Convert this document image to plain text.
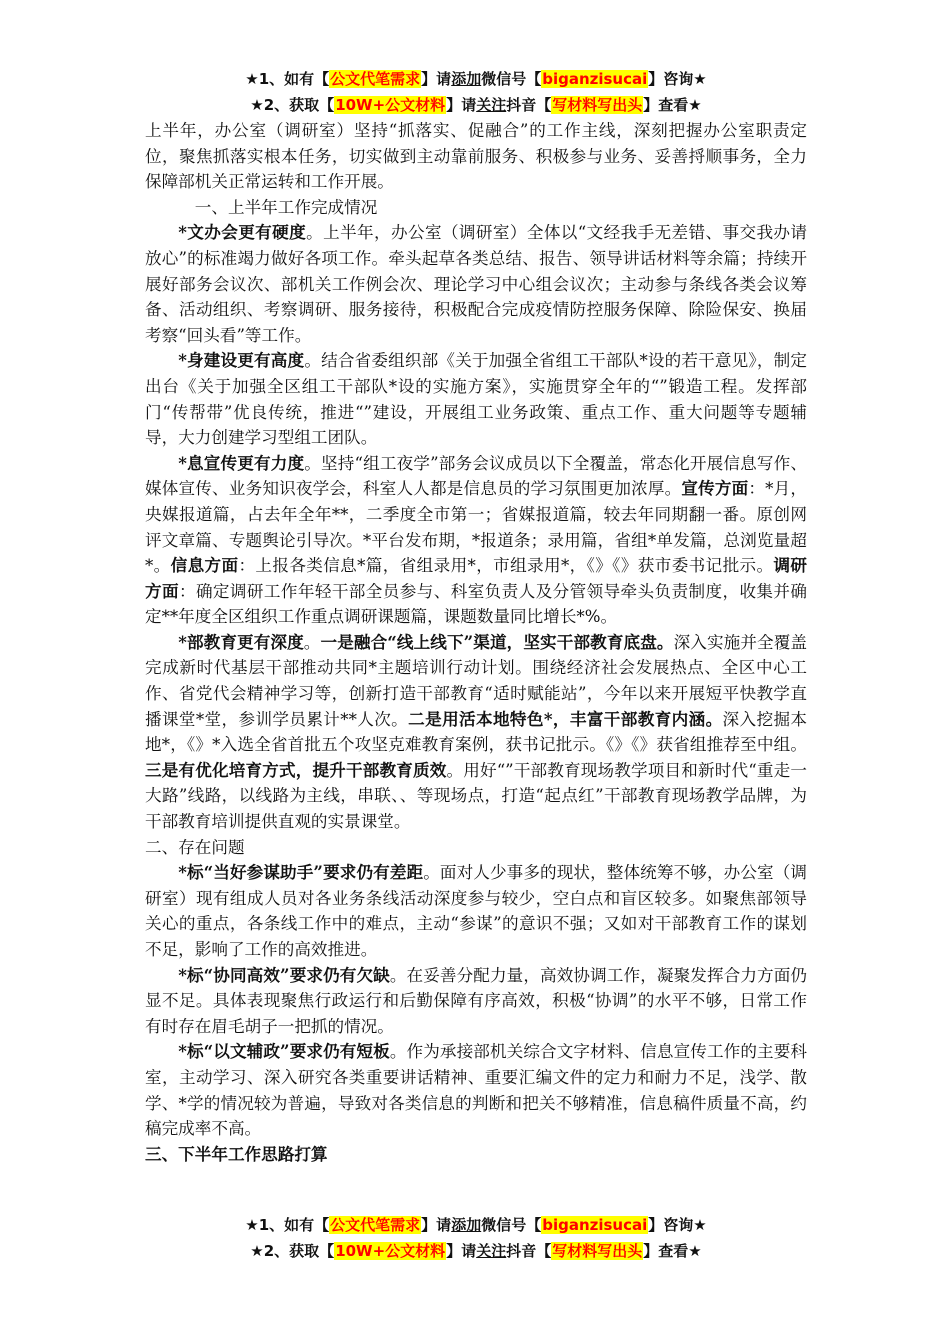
★1、如有【公文代笔需求】请添加微信号【biganzisucai】咨询★
★2、获取【10W+公文材料】请关注抖音【写材料写出头】查看★

上半年，办公室（调研室）坚持“抓落实、促融合”的工作主线，深刻把握办公室职责定位，聚焦抓落实根本任务，切实做到主动靠前服务、积极参与业务、妥善捋顺事务，全力保障部机关正常运转和工作开展。

一、上半年工作完成情况

*文办会更有硬度。上半年，办公室（调研室）全体以“文经我手无差错、事交我办请放心”的标准竭力做好各项工作。牵头起草各类总结、报告、领导讲话材料等余篇；持续开展好部务会议次、部机关工作例会次、理论学习中心组会议次；主动参与条线各类会议筹备、活动组织、考察调研、服务接待，积极配合完成疫情防控服务保障、除险保安、换届考察“回头看”等工作。

*身建设更有高度。结合省委组织部《关于加强全省组工干部队*设的若干意见》，制定出台《关于加强全区组工干部队*设的实施方案》，实施贯穿全年的“”锻造工程。发挥部门“传帮带”优良传统，推进“”建设，开展组工业务政策、重点工作、重大问题等专题辅导，大力创建学习型组工团队。

*息宣传更有力度。坚持“组工夜学”部务会议成员以下全覆盖，常态化开展信息写作、媒体宣传、业务知识夜学会，科室人人都是信息员的学习氛围更加浓厚。宣传方面：*月，央媒报道篇，占去年全年**，二季度全市第一；省媒报道篇，较去年同期翻一番。原创网评文章篇、专题舆论引导次。*平台发布期，*报道条；录用篇，省组*单发篇，总浏览量超*。信息方面：上报各类信息*篇，省组录用*，市组录用*，《》《》获市委书记批示。调研方面：确定调研工作年轻干部全员参与、科室负责人及分管领导牵头负责制度，收集并确定**年度全区组织工作重点调研课题篇，课题数量同比增长*%。

*部教育更有深度。一是融合“线上线下”渠道，坚实干部教育底盘。深入实施并全覆盖完成新时代基层干部推动共同*主题培训行动计划。围绕经济社会发展热点、全区中心工作、省党代会精神学习等，创新打造干部教育“适时赋能站”，今年以来开展短平快教学直播课堂*堂，参训学员累计**人次。二是用活本地特色*，丰富干部教育内涵。深入挖掘本地*，《》*入选全省首批五个攻坚克难教育案例，获书记批示。《》《》获省组推荐至中组。三是有优化培育方式，提升干部教育质效。用好“”干部教育现场教学项目和新时代“重走一大路”线路，以线路为主线，串联、、等现场点，打造“起点红”干部教育现场教学品牌，为干部教育培训提供直观的实景课堂。

二、存在问题

*标“当好参谋助手”要求仍有差距。面对人少事多的现状，整体统筹不够，办公室（调研室）现有组成人员对各业务条线活动深度参与较少，空白点和盲区较多。如聚焦部领导关心的重点，各条线工作中的难点，主动“参谋”的意识不强；又如对干部教育工作的谋划不足，影响了工作的高效推进。

*标“协同高效”要求仍有欠缺。在妥善分配力量，高效协调工作，凝聚发挥合力方面仍显不足。具体表现聚焦行政运行和后勤保障有序高效，积极“协调”的水平不够，日常工作有时存在眉毛胡子一把抓的情况。

*标“以文辅政”要求仍有短板。作为承接部机关综合文字材料、信息宣传工作的主要科室，主动学习、深入研究各类重要讲话精神、重要汇编文件的定力和耐力不足，浅学、散学、*学的情况较为普遍，导致对各类信息的判断和把关不够精准，信息稿件质量不高，约稿完成率不高。

三、下半年工作思路打算

★1、如有【公文代笔需求】请添加微信号【biganzisucai】咨询★
★2、获取【10W+公文材料】请关注抖音【写材料写出头】查看★
